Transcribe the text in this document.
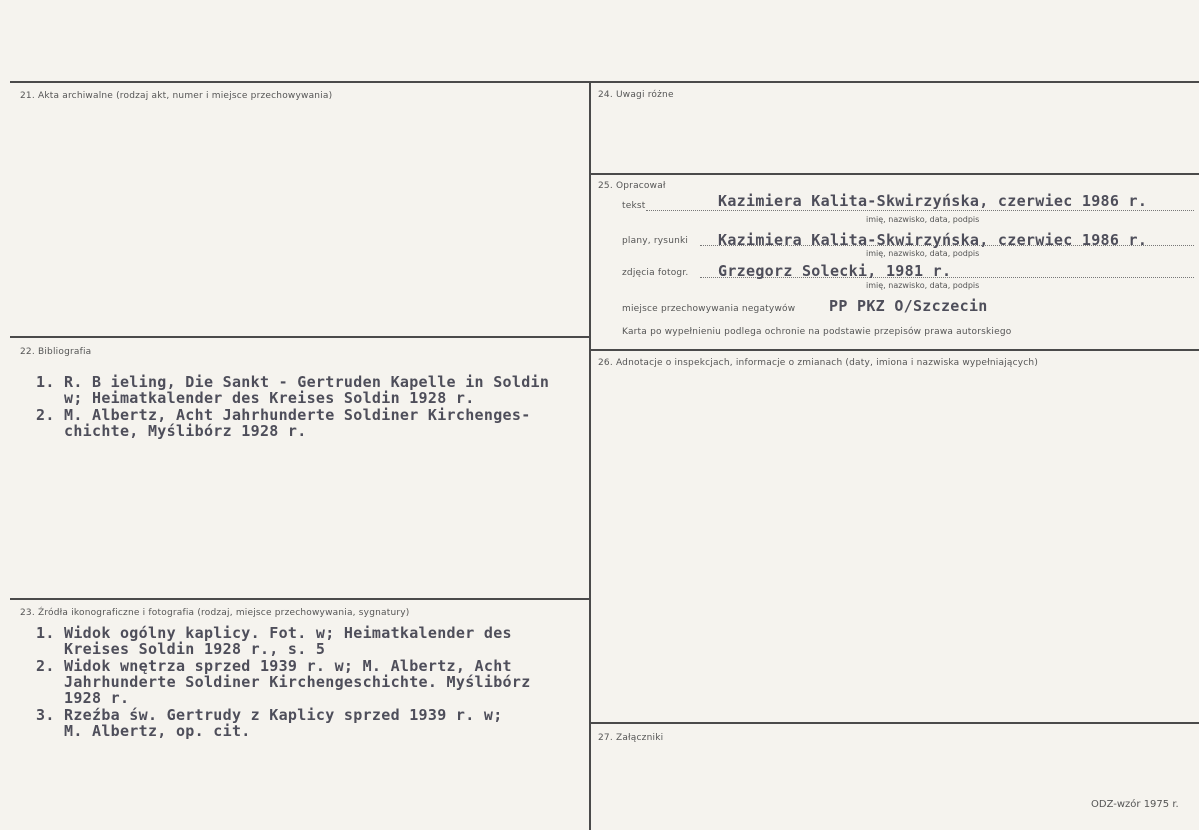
21. Akta archiwalne (rodzaj akt, numer i miejsce przechowywania)
22. Bibliografia
1. R. B ieling, Die Sankt - Gertruden Kapelle in Soldin
w; Heimatkalender des Kreises Soldin 1928 r.
2. M. Albertz, Acht Jahrhunderte Soldiner Kirchenges-
chichte, Myślibórz 1928 r.
23. Źródła ikonograficzne i fotografia (rodzaj, miejsce przechowywania, sygnatury)
1. Widok ogólny kaplicy. Fot. w; Heimatkalender des
Kreises Soldin 1928 r., s. 5
2. Widok wnętrza sprzed 1939 r. w; M. Albertz, Acht
Jahrhunderte Soldiner Kirchengeschichte. Myślibórz
1928 r.
3. Rzeźba św. Gertrudy z Kaplicy sprzed 1939 r. w;
M. Albertz, op. cit.
24. Uwagi różne
25. Opracował
tekst	Kazimiera Kalita-Skwirzyńska, czerwiec 1986 r.
imię, nazwisko, data, podpis
plany, rysunki Kazimiera Kalita-Skwirzyńska, czerwiec 1986 r.
imię, nazwisko, data, podpis
zdjęcia fotogr. Grzegorz Solecki, 1981 r.
imię, nazwisko, data, podpis
miejsce przechowywania negatywów PP PKZ O/Szczecin
Karta po wypełnieniu podlega ochronie na podstawie przepisów prawa autorskiego
26. Adnotacje o inspekcjach, informacje o zmianach (daty, imiona i nazwiska wypełniających)
27. Załączniki
ODZ-wzór 1975 r.
